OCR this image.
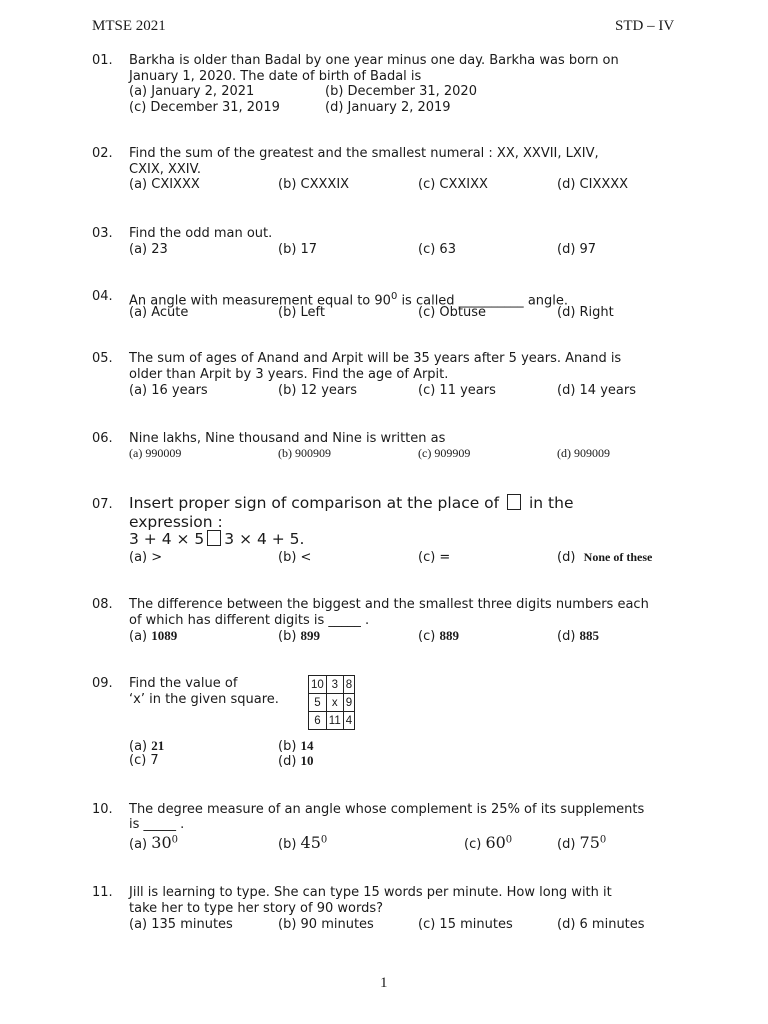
MTSE 2021	STD – IV
01. Barkha is older than Badal by one year minus one day. Barkha was born on
January 1, 2020. The date of birth of Badal is
(a) January 2, 2021	(b) December 31, 2020
(c) December 31, 2019	(d) January 2, 2019
02. Find the sum of the greatest and the smallest numeral : XX, XXVII, LXIV,
CXIX, XXIV.
(a) CXIXXX	(b) CXXXIX	(c) CXXIXX	(d) CIXXXX
03. Find the odd man out.
(a) 23	(b) 17	(c) 63	(d) 97
04. An angle with measurement equal to $90^0$ is called __________ angle.
(a) Acute	(b) Left	(c) Obtuse	(d) Right
05. The sum of ages of Anand and Arpit will be 35 years after 5 years. Anand is
older than Arpit by 3 years. Find the age of Arpit.
(a) 16 years	(b) 12 years	(c) 11 years	(d) 14 years
06. Nine lakhs, Nine thousand and Nine is written as
(a) 990009	(b) 900909	(c) 909909	(d) 909009
07. Insert proper sign of comparison at the place of in the
expression :
3 + 4 × 5 3 × 4 + 5.
(a) >	(b) <	(c) =	(d) None of these
08. The difference between the biggest and the smallest three digits numbers each
of which has different digits is _____ .
(a) 1089	(b) 899	(c) 889	(d) 885
09. Find the value of
‘x’ in the given square.
10	3	8
5	x	9
6	11	4
(a) 21	(b) 14
(c) 7	(d) 10
10. The degree measure of an angle whose complement is 25% of its supplements
is _____ .
(a) $30^0$	(b) $45^0$	(c) $60^0$	(d) $75^0$
11. Jill is learning to type. She can type 15 words per minute. How long with it
take her to type her story of 90 words?
(a) 135 minutes	(b) 90 minutes	(c) 15 minutes	(d) 6 minutes
1
